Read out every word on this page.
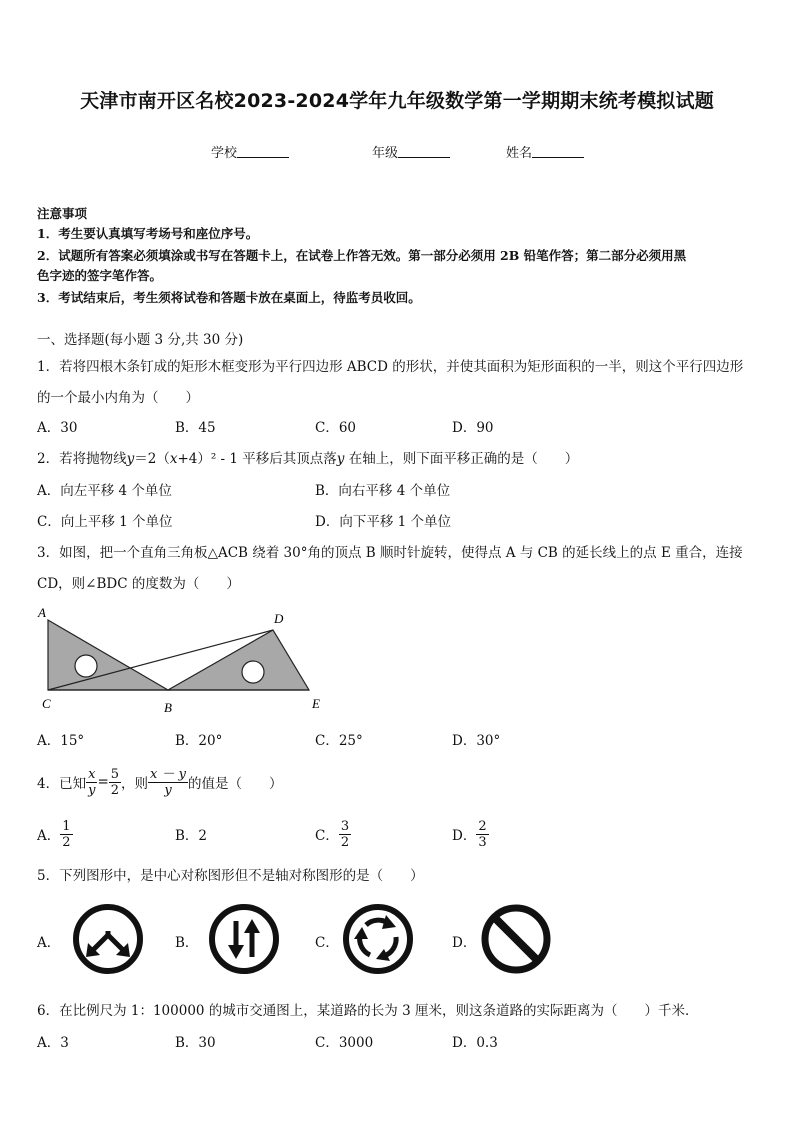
天津市南开区名校2023-2024学年九年级数学第一学期期末统考模拟试题
学校	年级	姓名
注意事项
1．考生要认真填写考场号和座位序号。
2．试题所有答案必须填涂或书写在答题卡上，在试卷上作答无效。第一部分必须用 2B 铅笔作答；第二部分必须用黑
色字迹的签字笔作答。
3．考试结束后，考生须将试卷和答题卡放在桌面上，待监考员收回。
一、选择题(每小题 3 分,共 30 分)
1．若将四根木条钉成的矩形木框变形为平行四边形 ABCD 的形状，并使其面积为矩形面积的一半，则这个平行四边形
的一个最小内角为（　　）
A．30	B．45	C．60	D．90
2．若将抛物线y＝2（x+4）² - 1 平移后其顶点落y 在轴上，则下面平移正确的是（　　）
A．向左平移 4 个单位	B．向右平移 4 个单位
C．向上平移 1 个单位	D．向下平移 1 个单位
3．如图，把一个直角三角板△ACB 绕着 30°角的顶点 B 顺时针旋转，使得点 A 与 CB 的延长线上的点 E 重合，连接
CD，则∠BDC 的度数为（　　）
A
C	B
D
E
A．15°	B．20°	C．25°	D．30°
4．已知 $\frac{x}{y} = \frac{5}{2}$ ，则 $\frac{x - y}{y}$ 的值是（　　）
A． $\frac{1}{2}$	B．2	C． $\frac{3}{2}$	D． $\frac{2}{3}$
5．下列图形中，是中心对称图形但不是轴对称图形的是（　　）
A．	B．	C．	D．
6．在比例尺为 1：100000 的城市交通图上，某道路的长为 3 厘米，则这条道路的实际距离为（　　）千米．
A．3	B．30	C．3000	D．0.3
